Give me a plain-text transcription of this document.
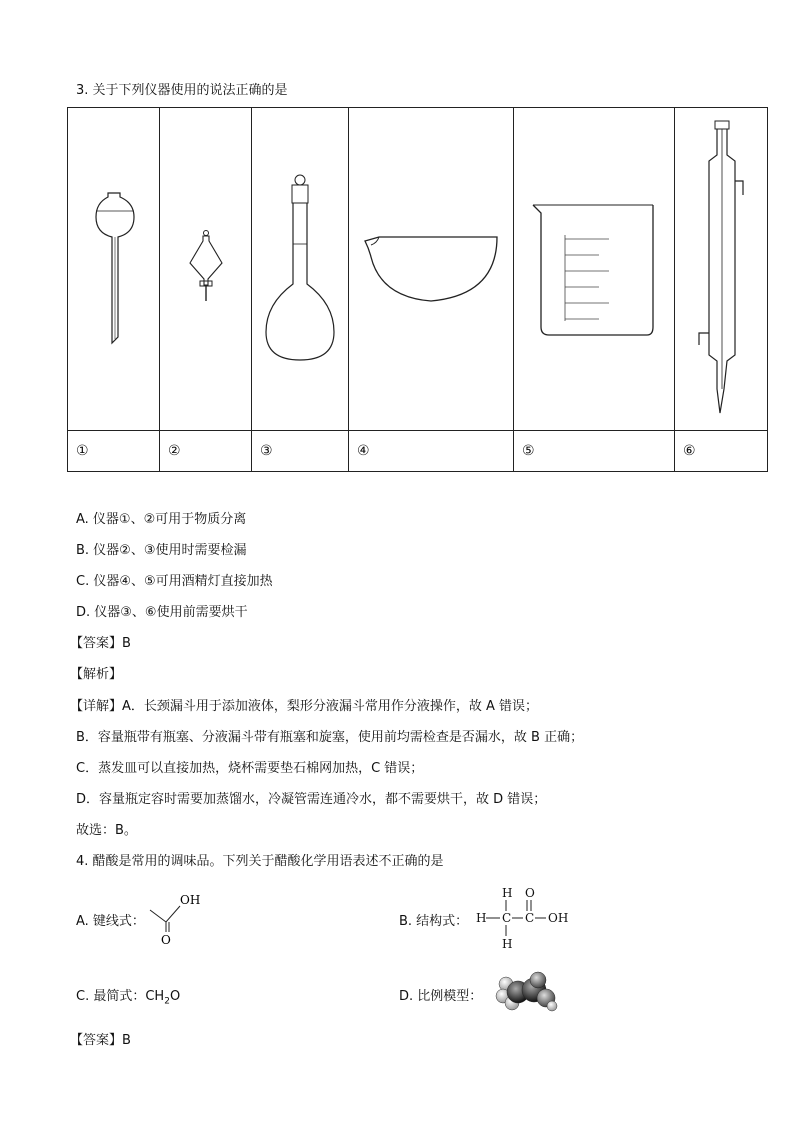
3. 关于下列仪器使用的说法正确的是

①	②	③	④	⑤	⑥
A. 仪器①、②可用于物质分离
B. 仪器②、③使用时需要检漏
C. 仪器④、⑤可用酒精灯直接加热
D. 仪器③、⑥使用前需要烘干
【答案】B
【解析】
【详解】A．长颈漏斗用于添加液体，梨形分液漏斗常用作分液操作，故 A 错误；
B．容量瓶带有瓶塞、分液漏斗带有瓶塞和旋塞，使用前均需检查是否漏水，故 B 正确；
C．蒸发皿可以直接加热，烧杯需要垫石棉网加热，C 错误；
D．容量瓶定容时需要加蒸馏水，冷凝管需连通冷水，都不需要烘干，故 D 错误；
故选：B。
4. 醋酸是常用的调味品。下列关于醋酸化学用语表述不正确的是
A. 键线式：
OH
O
B. 结构式：
H O
H C C OH
H
C. 最简式：$CH_2O$	D. 比例模型：
【答案】B
